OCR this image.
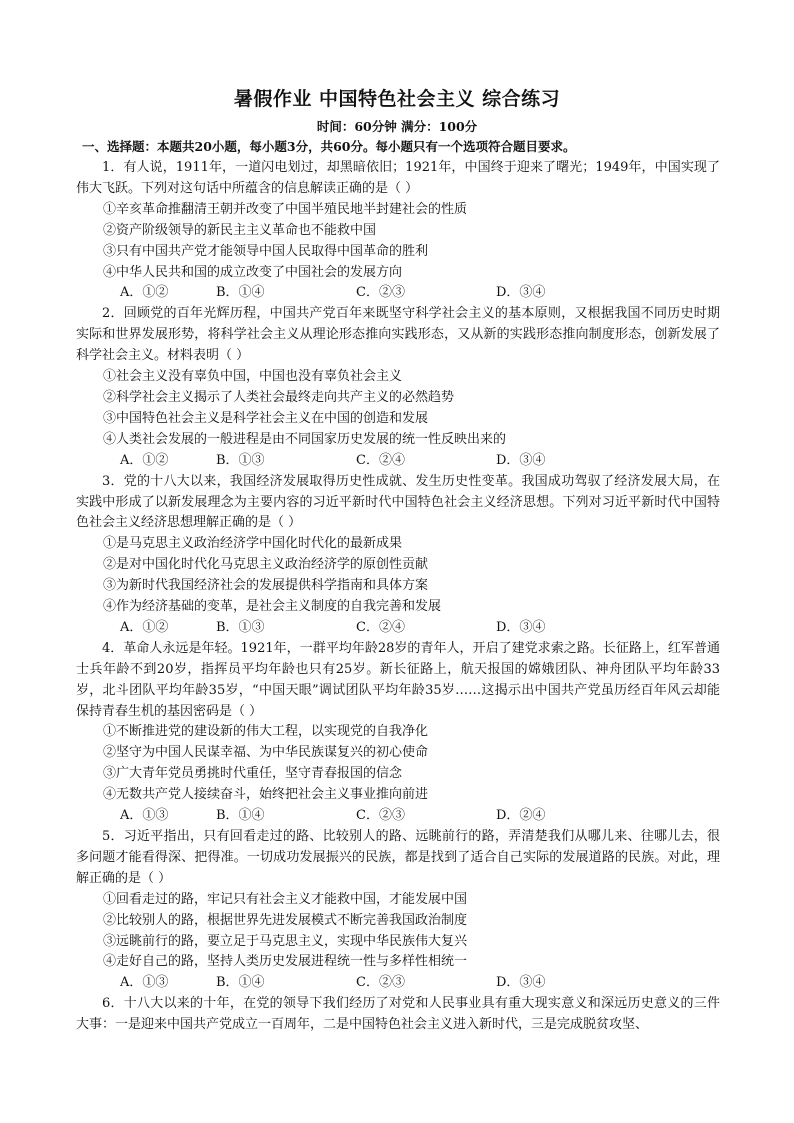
暑假作业 中国特色社会主义 综合练习
时间：60分钟 满分：100分
一、选择题：本题共20小题，每小题3分，共60分。每小题只有一个选项符合题目要求。

1．有人说，1911年，一道闪电划过，却黑暗依旧；1921年，中国终于迎来了曙光；1949年，中国实现了伟大飞跃。下列对这句话中所蕴含的信息解读正确的是（ ）

①辛亥革命推翻清王朝并改变了中国半殖民地半封建社会的性质

②资产阶级领导的新民主主义革命也不能救中国

③只有中国共产党才能领导中国人民取得中国革命的胜利

④中华人民共和国的成立改变了中国社会的发展方向

A．①②	B．①④	C．②③	D．③④

2．回顾党的百年光辉历程，中国共产党百年来既坚守科学社会主义的基本原则，又根据我国不同历史时期实际和世界发展形势，将科学社会主义从理论形态推向实践形态，又从新的实践形态推向制度形态，创新发展了科学社会主义。材料表明（ ）

①社会主义没有辜负中国，中国也没有辜负社会主义

②科学社会主义揭示了人类社会最终走向共产主义的必然趋势

③中国特色社会主义是科学社会主义在中国的创造和发展

④人类社会发展的一般进程是由不同国家历史发展的统一性反映出来的

A．①②	B．①③	C．②④	D．③④

3．党的十八大以来，我国经济发展取得历史性成就、发生历史性变革。我国成功驾驭了经济发展大局，在实践中形成了以新发展理念为主要内容的习近平新时代中国特色社会主义经济思想。下列对习近平新时代中国特色社会主义经济思想理解正确的是（ ）

①是马克思主义政治经济学中国化时代化的最新成果

②是对中国化时代化马克思主义政治经济学的原创性贡献

③为新时代我国经济社会的发展提供科学指南和具体方案

④作为经济基础的变革，是社会主义制度的自我完善和发展

A．①②	B．①③	C．②④	D．③④

4．革命人永远是年轻。1921年，一群平均年龄28岁的青年人，开启了建党求索之路。长征路上，红军普通士兵年龄不到20岁，指挥员平均年龄也只有25岁。新长征路上，航天报国的嫦娥团队、神舟团队平均年龄33岁，北斗团队平均年龄35岁，“中国天眼”调试团队平均年龄35岁……这揭示出中国共产党虽历经百年风云却能保持青春生机的基因密码是（ ）

①不断推进党的建设新的伟大工程，以实现党的自我净化

②坚守为中国人民谋幸福、为中华民族谋复兴的初心使命

③广大青年党员勇挑时代重任，坚守青春报国的信念

④无数共产党人接续奋斗，始终把社会主义事业推向前进

A．①③	B．①④	C．②③	D．②④

5．习近平指出，只有回看走过的路、比较别人的路、远眺前行的路，弄清楚我们从哪儿来、往哪儿去，很多问题才能看得深、把得准。一切成功发展振兴的民族，都是找到了适合自己实际的发展道路的民族。对此，理解正确的是（ ）

①回看走过的路，牢记只有社会主义才能救中国，才能发展中国

②比较别人的路，根据世界先进发展模式不断完善我国政治制度

③远眺前行的路，要立足于马克思主义，实现中华民族伟大复兴

④走好自己的路，坚持人类历史发展进程统一性与多样性相统一

A．①③	B．①④	C．②③	D．③④

6．十八大以来的十年，在党的领导下我们经历了对党和人民事业具有重大现实意义和深远历史意义的三件大事：一是迎来中国共产党成立一百周年，二是中国特色社会主义进入新时代，三是完成脱贫攻坚、
